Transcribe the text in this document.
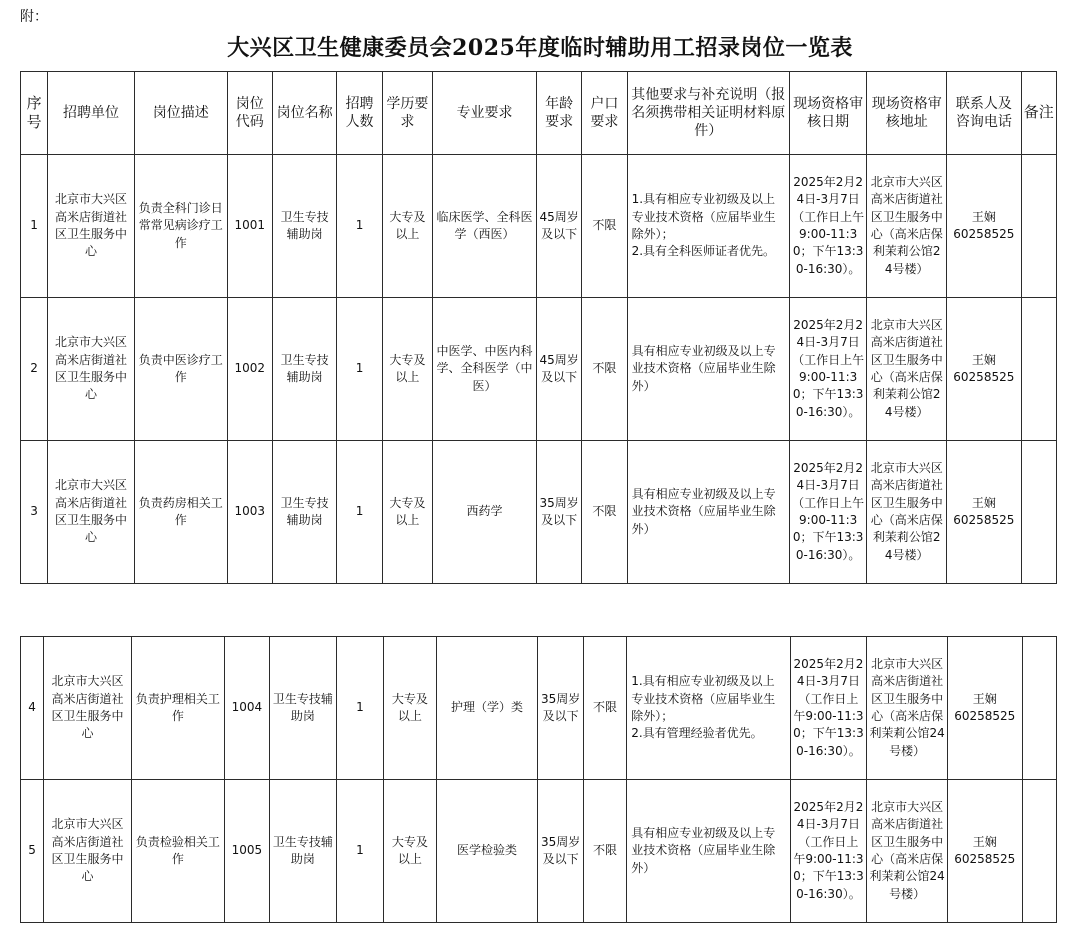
附：
大兴区卫生健康委员会2025年度临时辅助用工招录岗位一览表
序号	招聘单位	岗位描述	岗位代码	岗位名称	招聘人数	学历要求	专业要求	年龄要求	户口要求	其他要求与补充说明（报名须携带相关证明材料原件）	现场资格审核日期	现场资格审核地址	联系人及咨询电话	备注
1	北京市大兴区高米店街道社区卫生服务中心	负责全科门诊日常常见病诊疗工作	1001	卫生专技辅助岗	1	大专及以上	临床医学、全科医学（西医）	45周岁及以下	不限	1.具有相应专业初级及以上专业技术资格（应届毕业生除外）；
2.具有全科医师证者优先。	2025年2月24日-3月7日（工作日上午9:00-11:30；下午13:30-16:30）。	北京市大兴区高米店街道社区卫生服务中心（高米店保利茉莉公馆24号楼）	王娴
60258525	
2	北京市大兴区高米店街道社区卫生服务中心	负责中医诊疗工作	1002	卫生专技辅助岗	1	大专及以上	中医学、中医内科学、全科医学（中医）	45周岁及以下	不限	具有相应专业初级及以上专业技术资格（应届毕业生除外）	2025年2月24日-3月7日（工作日上午9:00-11:30；下午13:30-16:30）。	北京市大兴区高米店街道社区卫生服务中心（高米店保利茉莉公馆24号楼）	王娴
60258525	
3	北京市大兴区高米店街道社区卫生服务中心	负责药房相关工作	1003	卫生专技辅助岗	1	大专及以上	西药学	35周岁及以下	不限	具有相应专业初级及以上专业技术资格（应届毕业生除外）	2025年2月24日-3月7日（工作日上午9:00-11:30；下午13:30-16:30）。	北京市大兴区高米店街道社区卫生服务中心（高米店保利茉莉公馆24号楼）	王娴
60258525	
4	北京市大兴区高米店街道社区卫生服务中心	负责护理相关工作	1004	卫生专技辅助岗	1	大专及以上	护理（学）类	35周岁及以下	不限	1.具有相应专业初级及以上专业技术资格（应届毕业生除外）；
2.具有管理经验者优先。	2025年2月24日-3月7日（工作日上午9:00-11:30；下午13:30-16:30）。	北京市大兴区高米店街道社区卫生服务中心（高米店保利茉莉公馆24号楼）	王娴
60258525	
5	北京市大兴区高米店街道社区卫生服务中心	负责检验相关工作	1005	卫生专技辅助岗	1	大专及以上	医学检验类	35周岁及以下	不限	具有相应专业初级及以上专业技术资格（应届毕业生除外）	2025年2月24日-3月7日（工作日上午9:00-11:30；下午13:30-16:30）。	北京市大兴区高米店街道社区卫生服务中心（高米店保利茉莉公馆24号楼）	王娴
60258525	
